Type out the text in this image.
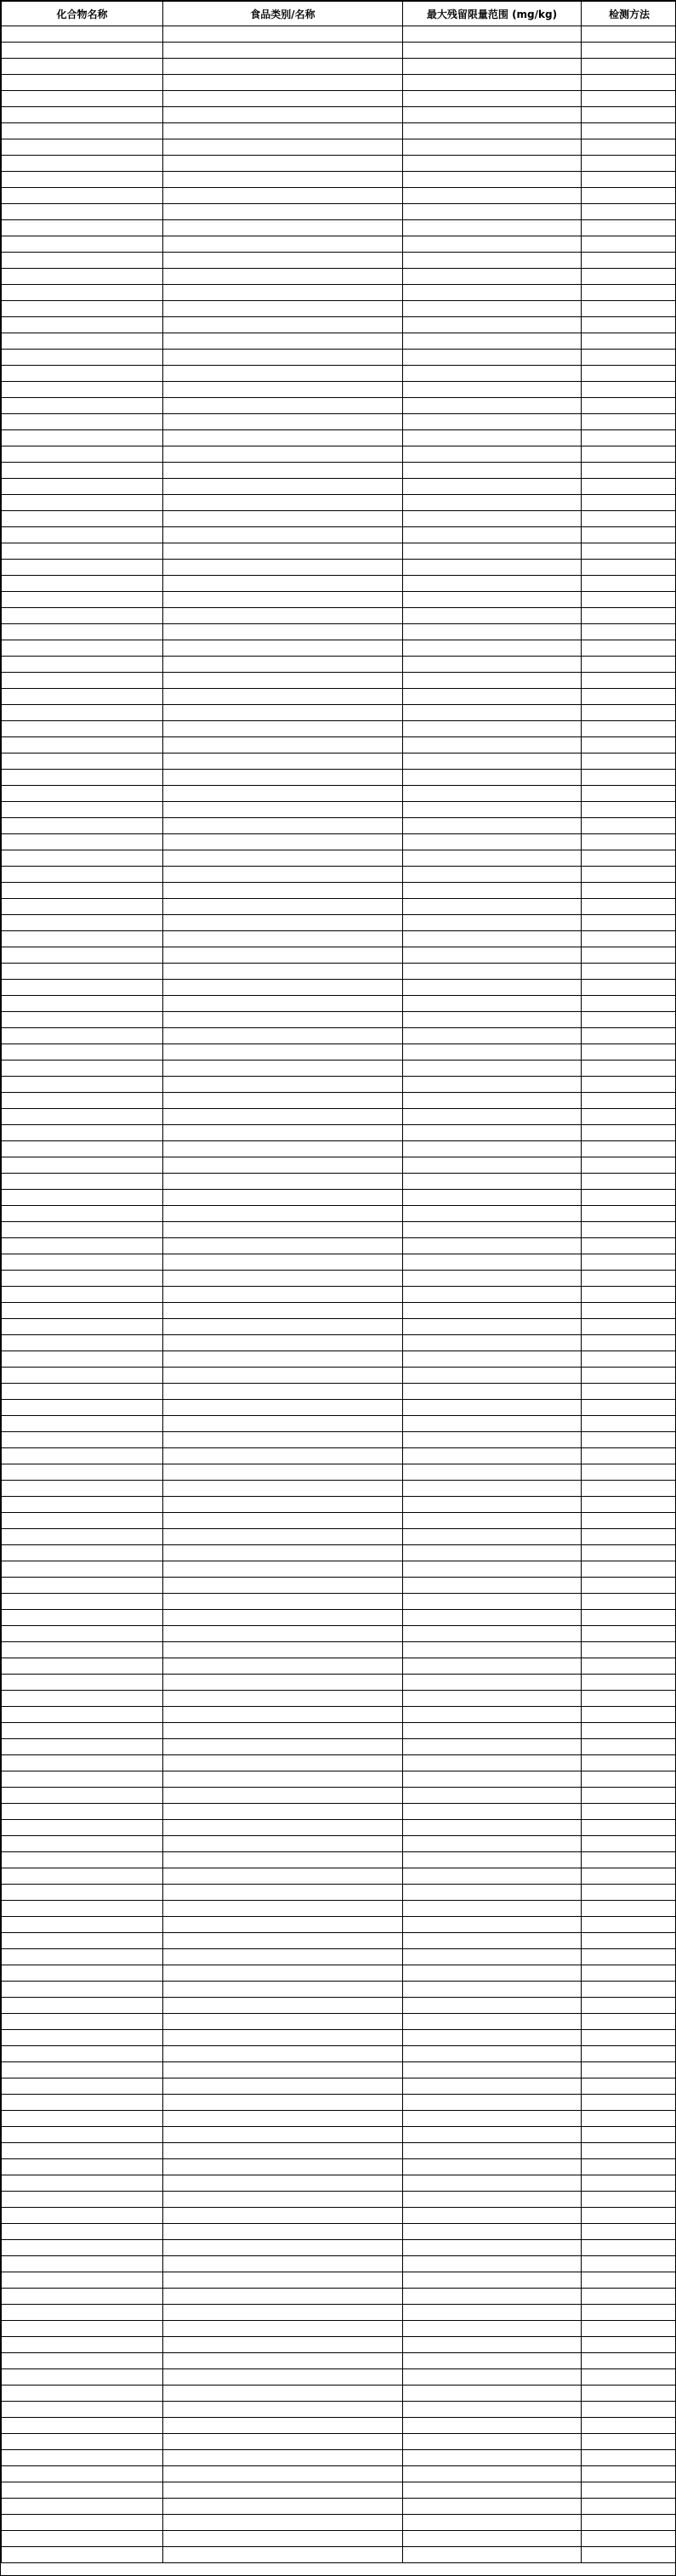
化合物名称	食品类别/名称	最大残留限量范围 (mg/kg)	检测方法
